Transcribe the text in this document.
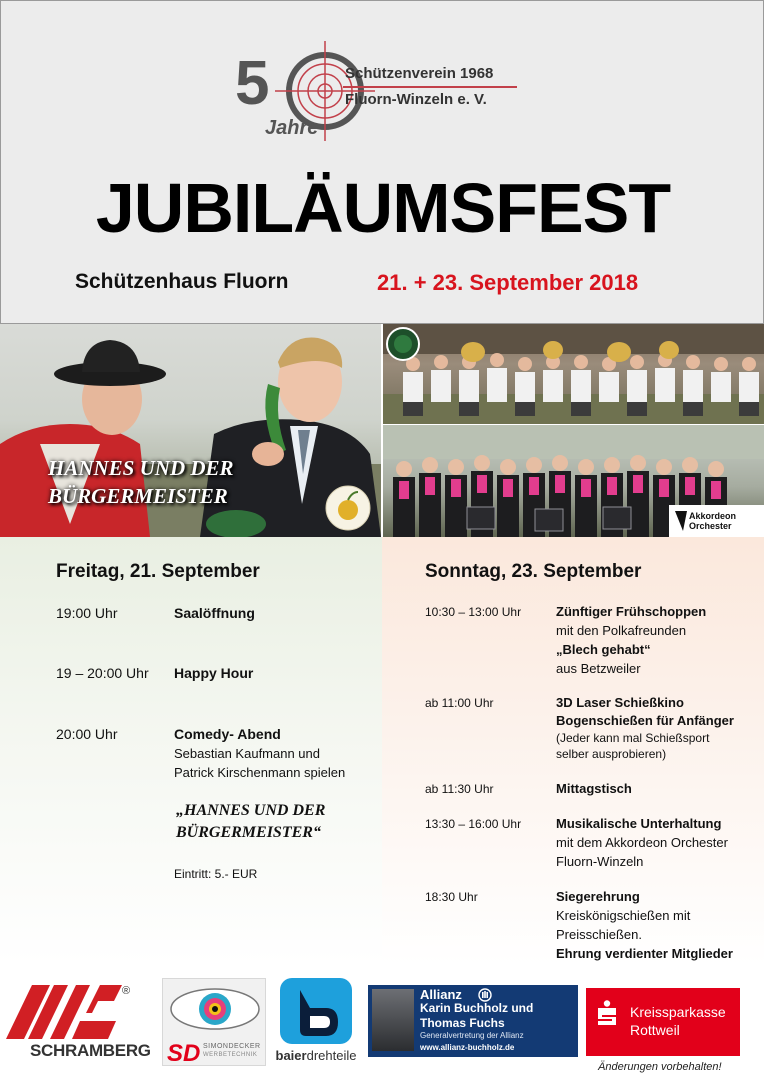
5	Schützenverein 1968
Fluorn-Winzeln e. V.
Jahre
JUBILÄUMSFEST
Schützenhaus Fluorn	21. + 23. September 2018
HANNES UND DER
BÜRGERMEISTER
Akkordeon
Orchester
Freitag, 21. September
19:00 Uhr	Saalöffnung
19 – 20:00 Uhr Happy Hour
20:00 Uhr	Comedy- Abend
Sebastian Kaufmann und
Patrick Kirschenmann spielen
„HANNES UND DER
BÜRGERMEISTER“
Eintritt: 5.- EUR
Sonntag, 23. September
10:30 – 13:00 Uhr	Zünftiger Frühschoppen
mit den Polkafreunden
„Blech gehabt“
aus Betzweiler
ab 11:00 Uhr	3D Laser Schießkino
Bogenschießen für Anfänger
(Jeder kann mal Schießsport
selber ausprobieren)
ab 11:30 Uhr	Mittagstisch
13:30 – 16:00 Uhr	Musikalische Unterhaltung
mit dem Akkordeon Orchester
Fluorn-Winzeln
18:30 Uhr	Siegerehrung
Kreiskönigschießen mit
Preisschießen.
Ehrung verdienter Mitglieder
®
SCHRAMBERG SD SIMONDECKER
WERBETECHNIK	baierdrehteile
Allianz
Karin Buchholz und Thomas Fuchs
Generalvertretung der Allianz
www.allianz-buchholz.de
Kreissparkasse
Rottweil
Änderungen vorbehalten!
